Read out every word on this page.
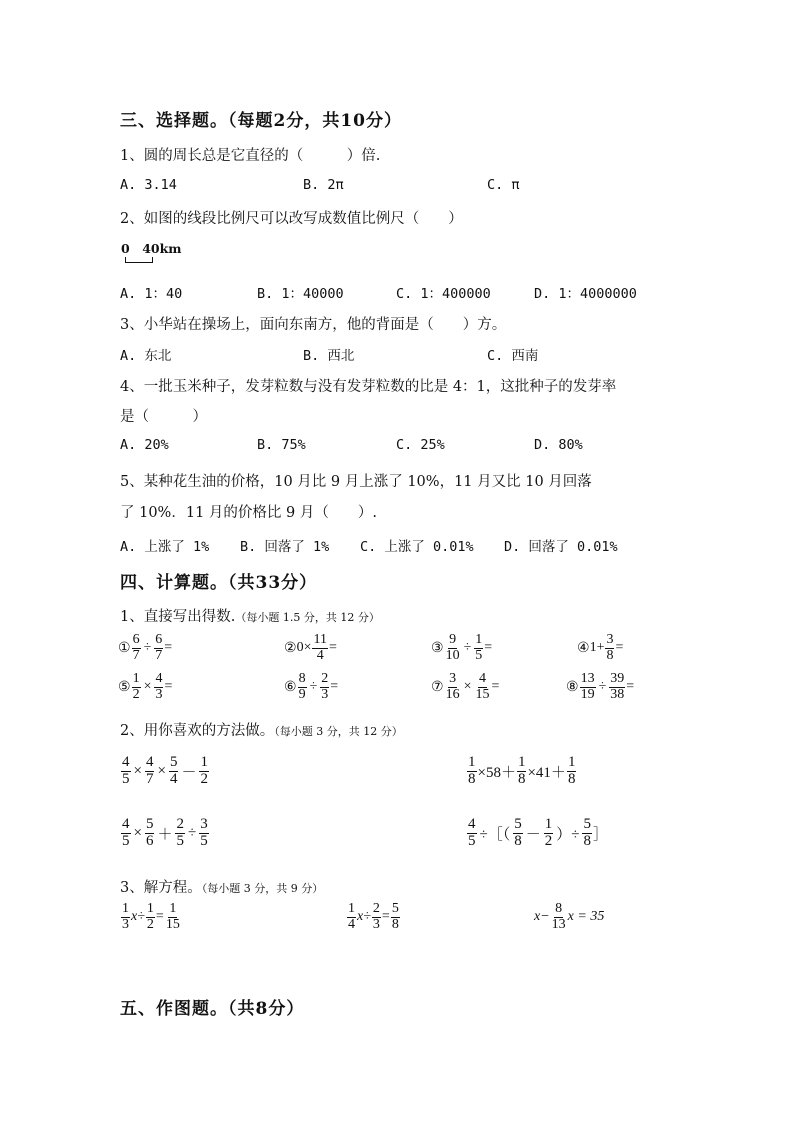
三、选择题。（每题2分，共10分）
1、圆的周长总是它直径的（　　　）倍.
A. 3.14	B. 2π	C. π
2、如图的线段比例尺可以改写成数值比例尺（　　）
0　40km
A. 1：40	B. 1：40000	C. 1：400000	D. 1：4000000
3、小华站在操场上，面向东南方，他的背面是（　　）方。
A. 东北	B. 西北	C. 西南
4、一批玉米种子，发芽粒数与没有发芽粒数的比是 4：1，这批种子的发芽率
是（　　　）
A. 20%	B. 75%	C. 25%	D. 80%
5、某种花生油的价格，10 月比 9 月上涨了 10%，11 月又比 10 月回落
了 10%．11 月的价格比 9 月（　　）.
A. 上涨了 1% B. 回落了 1% C. 上涨了 0.01% D. 回落了 0.01%
四、计算题。（共33分）
1、直接写出得数.（每小题 1.5 分，共 12 分）
① $\frac{6}{7} \div \frac{6}{7}$ =	② $0\times \frac{11}{4}$ =	③ $\frac{9}{10} \div \frac{1}{5}$ =	④ $1+ \frac{3}{8}$ =
⑤ $\frac{1}{2} \times \frac{4}{3}$ =	⑥ $\frac{8}{9} \div \frac{2}{3}$ =	⑦ $\frac{3}{16} \times \frac{4}{15}$ =	⑧ $\frac{13}{19} \div \frac{39}{38}$ =
2、用你喜欢的方法做。（每小题 3 分，共 12 分）
$\frac{4}{5} \times \frac{4}{7} \times \frac{5}{4} - \frac{1}{2}$	$\frac{1}{8} \times 58+ \frac{1}{8} \times 41+ \frac{1}{8}$
$\frac{4}{5} \times \frac{5}{6} + \frac{2}{5} \div \frac{3}{5}$	$\frac{4}{5}$ ÷［（ $\frac{5}{8} - \frac{1}{2}$ ）÷ $\frac{5}{8}$ ］
3、解方程。（每小题 3 分，共 9 分）
$\frac{1}{3} x\div \frac{1}{2} = \frac{1}{15}$	$\frac{1}{4} x\div \frac{2}{3} = \frac{5}{8}$	$x- \frac{8}{13}$ x = 35
五、作图题。（共8分）
